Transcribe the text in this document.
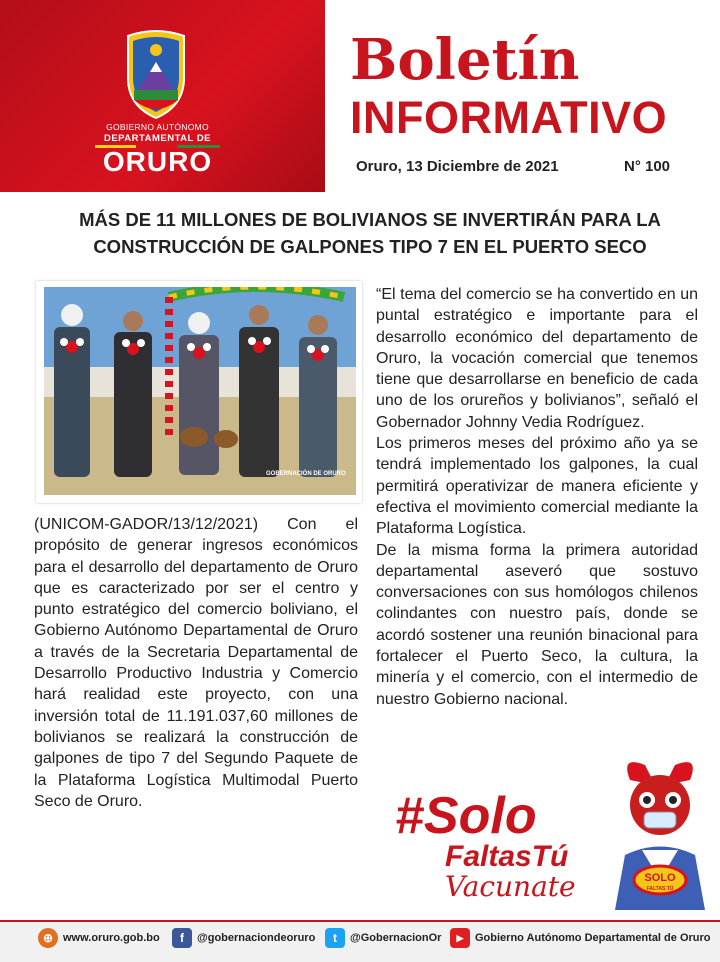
GOBIERNO AUTÓNOMO
DEPARTAMENTAL DE
ORURO
Boletín
INFORMATIVO
Oruro, 13 Diciembre de 2021	N° 100
MÁS DE 11 MILLONES DE BOLIVIANOS SE INVERTIRÁN PARA LA CONSTRUCCIÓN DE GALPONES TIPO 7 EN EL PUERTO SECO
GOBERNACIÓN DE ORURO

(UNICOM-GADOR/13/12/2021) Con el propósito de generar ingresos económicos para el desarrollo del departamento de Oruro que es caracterizado por ser el centro y punto estratégico del comercio boliviano, el Gobierno Autónomo Departamental de Oruro a través de la Secretaria Departamental de Desarrollo Productivo Industria y Comercio hará realidad este proyecto, con una inversión total de 11.191.037,60 millones de bolivianos se realizará la construcción de galpones de tipo 7 del Segundo Paquete de la Plataforma Logística Multimodal Puerto Seco de Oruro.

“El tema del comercio se ha convertido en un puntal estratégico e importante para el desarrollo económico del departamento de Oruro, la vocación comercial que tenemos tiene que desarrollarse en beneficio de cada uno de los orureños y bolivianos”, señaló el Gobernador Johnny Vedia Rodríguez.

Los primeros meses del próximo año ya se tendrá implementado los galpones, la cual permitirá operativizar de manera eficiente y efectiva el movimiento comercial mediante la Plataforma Logística.

De la misma forma la primera autoridad departamental aseveró que sostuvo conversaciones con sus homólogos chilenos colindantes con nuestro país, donde se acordó sostener una reunión binacional para fortalecer el Puerto Seco, la cultura, la minería y el comercio, con el intermedio de nuestro Gobierno nacional.

#Solo
FaltasTú
Vacunate	SOLO
FALTAS TÚ
⊕ www.oruro.gob.bo	f	@gobernaciondeoruro	t	@GobernacionOr	▶	Gobierno Autónomo Departamental de Oruro
